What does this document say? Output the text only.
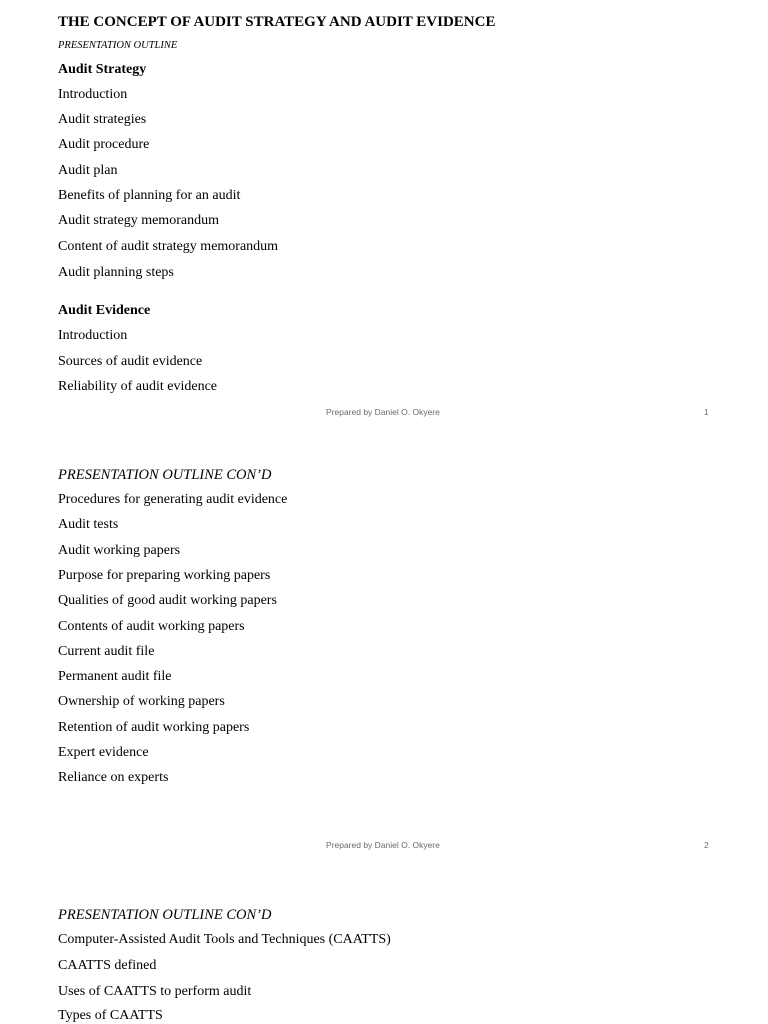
THE CONCEPT OF AUDIT STRATEGY AND AUDIT EVIDENCE
PRESENTATION OUTLINE
Audit Strategy
Introduction
Audit strategies
Audit procedure
Audit plan
Benefits of planning for an audit
Audit strategy memorandum
Content of audit strategy memorandum
Audit planning steps
Audit Evidence
Introduction
Sources of audit evidence
Reliability of audit evidence
Prepared by Daniel O. Okyere	1
PRESENTATION OUTLINE CON’D
Procedures for generating audit evidence
Audit tests
Audit working papers
Purpose for preparing working papers
Qualities of good audit working papers
Contents of audit working papers
Current audit file
Permanent audit file
Ownership of working papers
Retention of audit working papers
Expert evidence
Reliance on experts
Prepared by Daniel O. Okyere	2
PRESENTATION OUTLINE CON’D
Computer-Assisted Audit Tools and Techniques (CAATTS)
CAATTS defined
Uses of CAATTS to perform audit
Types of CAATTS
